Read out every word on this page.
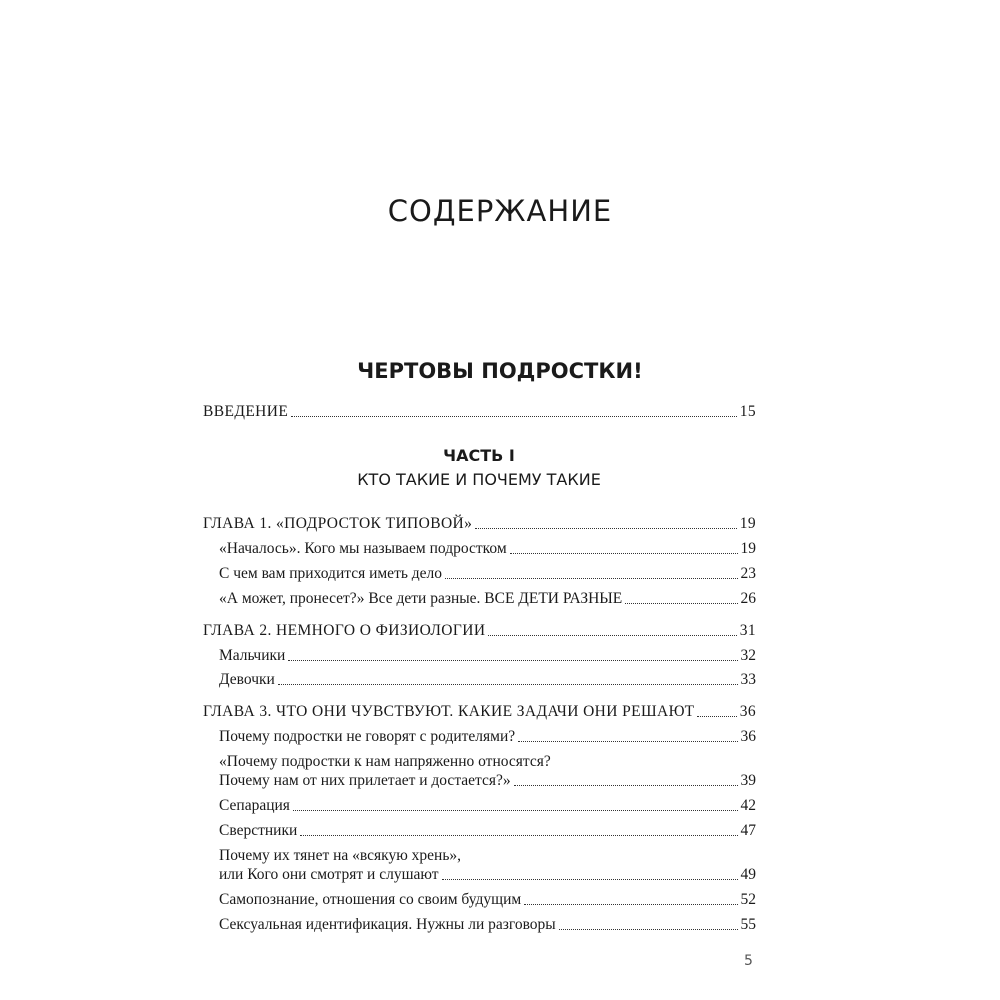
СОДЕРЖАНИЕ
ЧЕРТОВЫ ПОДРОСТКИ!
ВВЕДЕНИЕ	15
ЧАСТЬ I
КТО ТАКИЕ И ПОЧЕМУ ТАКИЕ
ГЛАВА 1. «ПОДРОСТОК ТИПОВОЙ»	19
«Началось». Кого мы называем подростком	19
С чем вам приходится иметь дело	23
«А может, пронесет?» Все дети разные. ВСЕ ДЕТИ РАЗНЫЕ	26
ГЛАВА 2. НЕМНОГО О ФИЗИОЛОГИИ	31
Мальчики	32
Девочки	33
ГЛАВА 3. ЧТО ОНИ ЧУВСТВУЮТ. КАКИЕ ЗАДАЧИ ОНИ РЕШАЮТ	36
Почему подростки не говорят с родителями?	36
«Почему подростки к нам напряженно относятся?
Почему нам от них прилетает и достается?»	39
Сепарация	42
Сверстники	47
Почему их тянет на «всякую хрень»,
или Кого они смотрят и слушают	49
Самопознание, отношения со своим будущим	52
Сексуальная идентификация. Нужны ли разговоры	55
5
